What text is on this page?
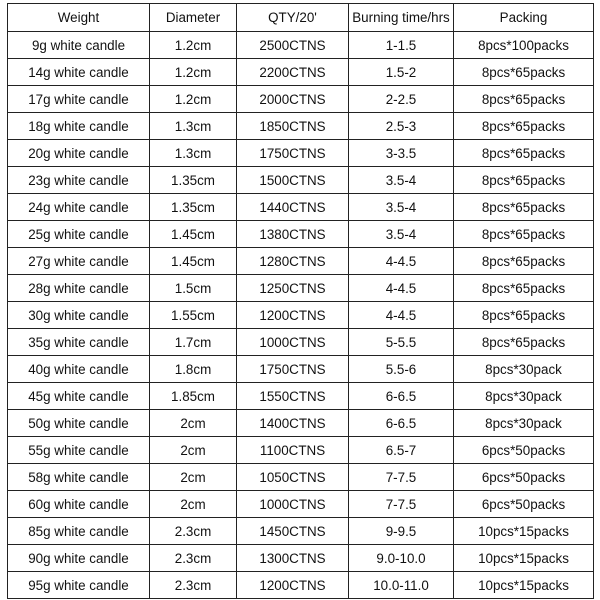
Weight	Diameter	QTY/20'	Burning time/hrs	Packing
9g white candle	1.2cm	2500CTNS	1-1.5	8pcs*100packs
14g white candle	1.2cm	2200CTNS	1.5-2	8pcs*65packs
17g white candle	1.2cm	2000CTNS	2-2.5	8pcs*65packs
18g white candle	1.3cm	1850CTNS	2.5-3	8pcs*65packs
20g white candle	1.3cm	1750CTNS	3-3.5	8pcs*65packs
23g white candle	1.35cm	1500CTNS	3.5-4	8pcs*65packs
24g white candle	1.35cm	1440CTNS	3.5-4	8pcs*65packs
25g white candle	1.45cm	1380CTNS	3.5-4	8pcs*65packs
27g white candle	1.45cm	1280CTNS	4-4.5	8pcs*65packs
28g white candle	1.5cm	1250CTNS	4-4.5	8pcs*65packs
30g white candle	1.55cm	1200CTNS	4-4.5	8pcs*65packs
35g white candle	1.7cm	1000CTNS	5-5.5	8pcs*65packs
40g white candle	1.8cm	1750CTNS	5.5-6	8pcs*30pack
45g white candle	1.85cm	1550CTNS	6-6.5	8pcs*30pack
50g white candle	2cm	1400CTNS	6-6.5	8pcs*30pack
55g white candle	2cm	1100CTNS	6.5-7	6pcs*50packs
58g white candle	2cm	1050CTNS	7-7.5	6pcs*50packs
60g white candle	2cm	1000CTNS	7-7.5	6pcs*50packs
85g white candle	2.3cm	1450CTNS	9-9.5	10pcs*15packs
90g white candle	2.3cm	1300CTNS	9.0-10.0	10pcs*15packs
95g white candle	2.3cm	1200CTNS	10.0-11.0	10pcs*15packs
